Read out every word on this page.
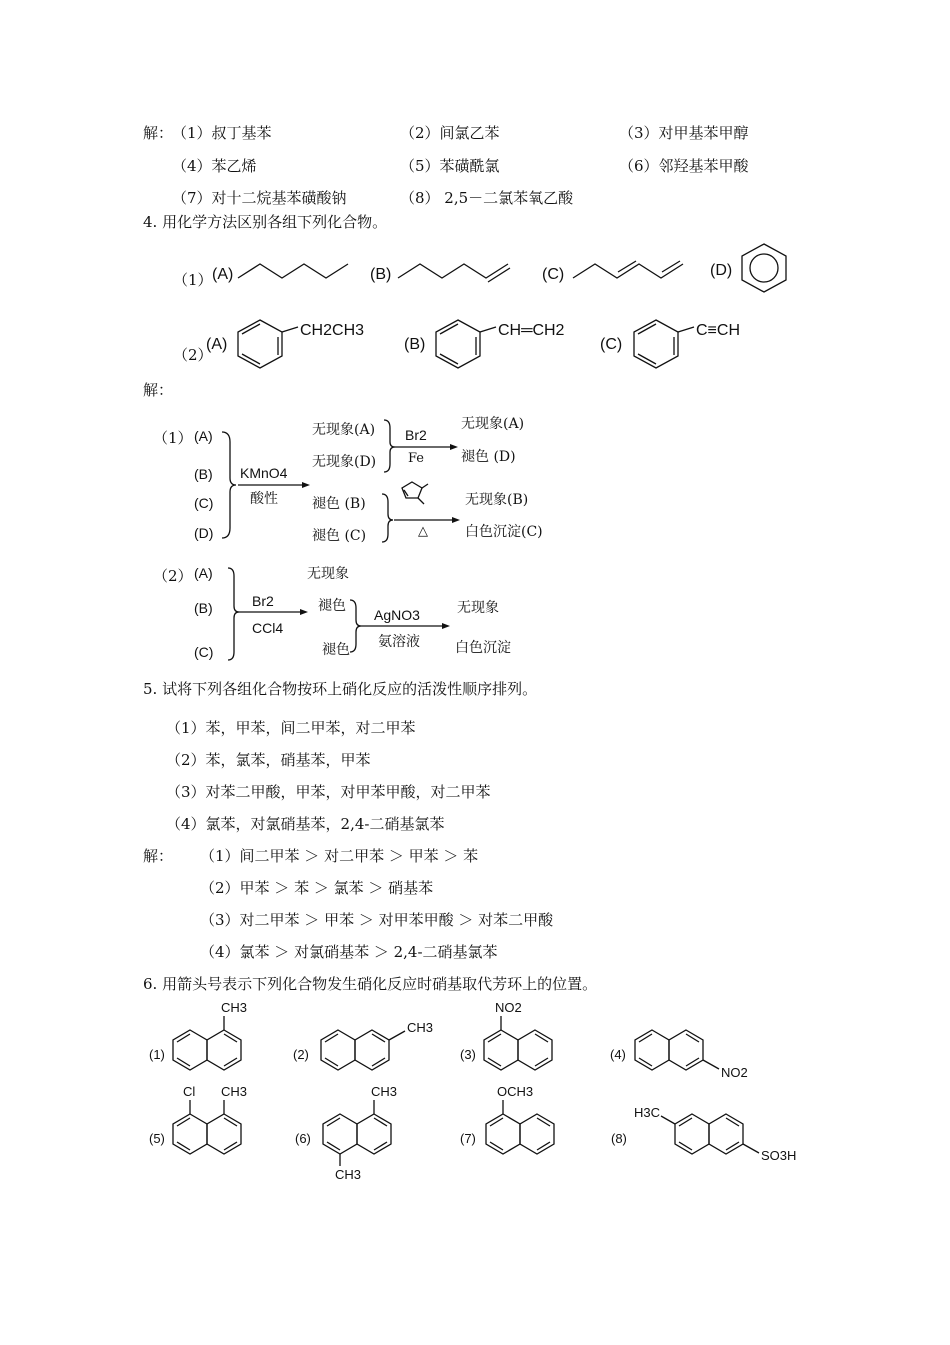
解：
（1）叔丁基苯	（2）间氯乙苯	（3）对甲基苯甲醇
（4）苯乙烯	（5）苯磺酰氯	（6）邻羟基苯甲酸
（7）对十二烷基苯磺酸钠	（8） 2,5－二氯苯氧乙酸
4. 用化学方法区别各组下列化合物。
（1） (A)	(B)	(C)	(D)
（2）
(A)
CH2CH3
(B)
CH═CH2
(C)
C≡CH
解：
（1） (A)
(B)
(C)
(D)
KMnO4
酸性
无现象(A)
无现象(D)
Br2
Fe
无现象(A)
褪色 (D)
褪色 (B)
褪色 (C)	△
无现象(B)
白色沉淀(C)
（2） (A)
(B)
(C)
无现象
Br2
CCl4
褪色
褪色
AgNO3
氨溶液
无现象
白色沉淀
5. 试将下列各组化合物按环上硝化反应的活泼性顺序排列。
（1）苯，甲苯，间二甲苯，对二甲苯
（2）苯，氯苯，硝基苯，甲苯
（3）对苯二甲酸，甲苯，对甲苯甲酸，对二甲苯
（4）氯苯，对氯硝基苯，2,4-二硝基氯苯
解： （1）间二甲苯 ＞ 对二甲苯 ＞ 甲苯 ＞ 苯
（2）甲苯 ＞ 苯 ＞ 氯苯 ＞ 硝基苯
（3）对二甲苯 ＞ 甲苯 ＞ 对甲苯甲酸 ＞ 对苯二甲酸
（4）氯苯 ＞ 对氯硝基苯 ＞ 2,4-二硝基氯苯
6. 用箭头号表示下列化合物发生硝化反应时硝基取代芳环上的位置。
(1)
CH3
(2)
CH3
(3)
NO2
(4)
NO2
(5)
Cl CH3
(6)
CH3
CH3
(7)
OCH3
(8)
H3C
SO3H
